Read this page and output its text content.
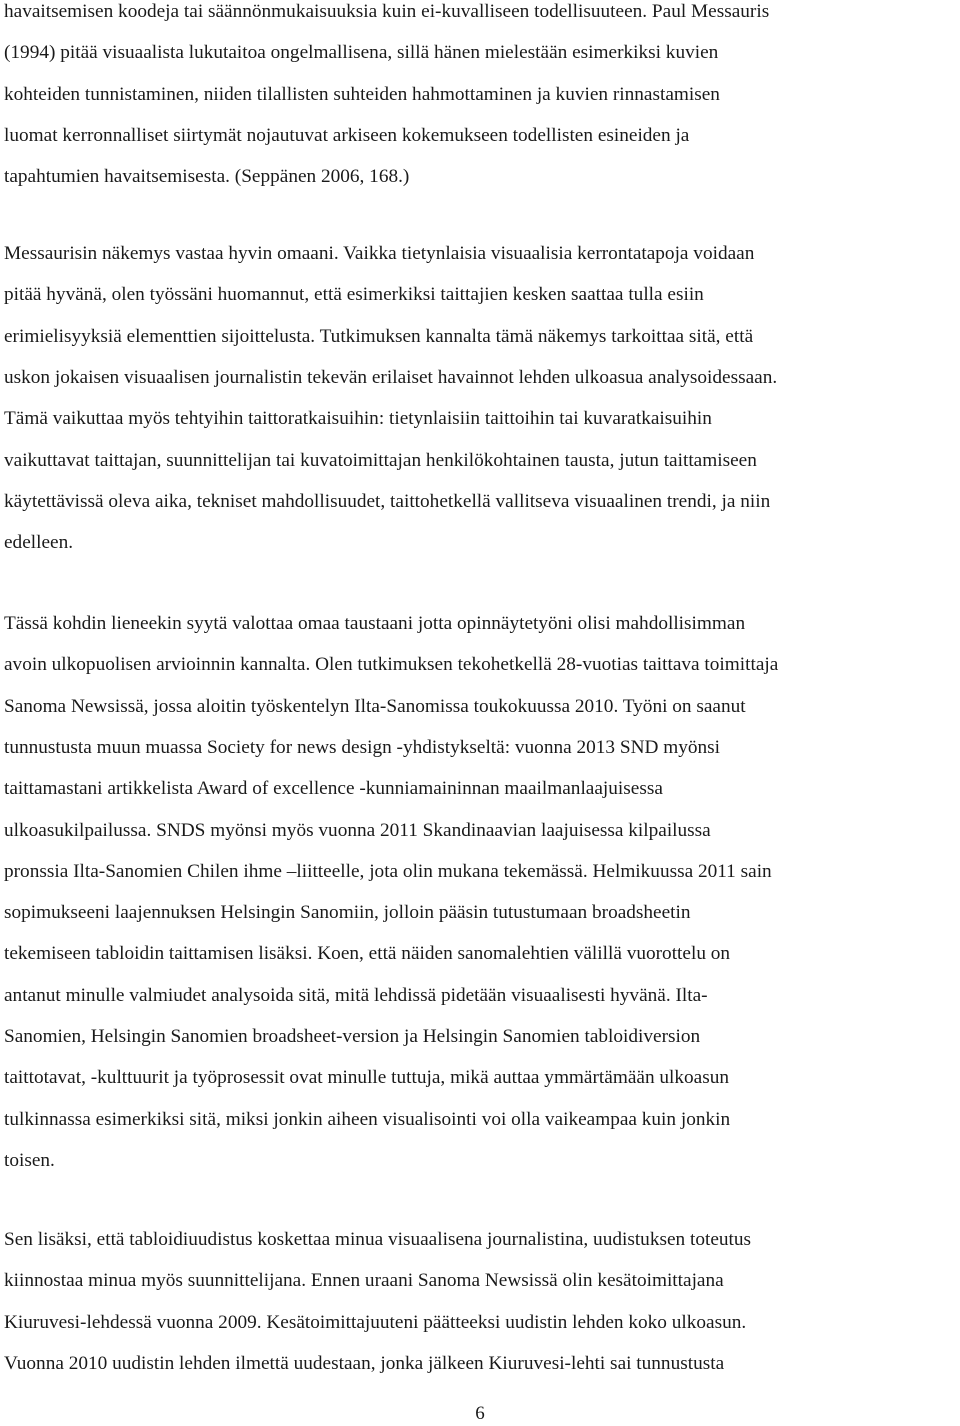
havaitsemisen koodeja tai säännönmukaisuuksia kuin ei-kuvalliseen todellisuuteen. Paul Messauris
(1994) pitää visuaalista lukutaitoa ongelmallisena, sillä hänen mielestään esimerkiksi kuvien
kohteiden tunnistaminen, niiden tilallisten suhteiden hahmottaminen ja kuvien rinnastamisen
luomat kerronnalliset siirtymät nojautuvat arkiseen kokemukseen todellisten esineiden ja
tapahtumien havaitsemisesta. (Seppänen 2006, 168.)
Messaurisin näkemys vastaa hyvin omaani. Vaikka tietynlaisia visuaalisia kerrontatapoja voidaan
pitää hyvänä, olen työssäni huomannut, että esimerkiksi taittajien kesken saattaa tulla esiin
erimielisyyksiä elementtien sijoittelusta. Tutkimuksen kannalta tämä näkemys tarkoittaa sitä, että
uskon jokaisen visuaalisen journalistin tekevän erilaiset havainnot lehden ulkoasua analysoidessaan.
Tämä vaikuttaa myös tehtyihin taittoratkaisuihin: tietynlaisiin taittoihin tai kuvaratkaisuihin
vaikuttavat taittajan, suunnittelijan tai kuvatoimittajan henkilökohtainen tausta, jutun taittamiseen
käytettävissä oleva aika, tekniset mahdollisuudet, taittohetkellä vallitseva visuaalinen trendi, ja niin
edelleen.
Tässä kohdin lieneekin syytä valottaa omaa taustaani jotta opinnäytetyöni olisi mahdollisimman
avoin ulkopuolisen arvioinnin kannalta. Olen tutkimuksen tekohetkellä 28-vuotias taittava toimittaja
Sanoma Newsissä, jossa aloitin työskentelyn Ilta-Sanomissa toukokuussa 2010. Työni on saanut
tunnustusta muun muassa Society for news design -yhdistykseltä: vuonna 2013 SND myönsi
taittamastani artikkelista Award of excellence -kunniamaininnan maailmanlaajuisessa
ulkoasukilpailussa. SNDS myönsi myös vuonna 2011 Skandinaavian laajuisessa kilpailussa
pronssia Ilta-Sanomien Chilen ihme –liitteelle, jota olin mukana tekemässä. Helmikuussa 2011 sain
sopimukseeni laajennuksen Helsingin Sanomiin, jolloin pääsin tutustumaan broadsheetin
tekemiseen tabloidin taittamisen lisäksi. Koen, että näiden sanomalehtien välillä vuorottelu on
antanut minulle valmiudet analysoida sitä, mitä lehdissä pidetään visuaalisesti hyvänä. Ilta-
Sanomien, Helsingin Sanomien broadsheet-version ja Helsingin Sanomien tabloidiversion
taittotavat, -kulttuurit ja työprosessit ovat minulle tuttuja, mikä auttaa ymmärtämään ulkoasun
tulkinnassa esimerkiksi sitä, miksi jonkin aiheen visualisointi voi olla vaikeampaa kuin jonkin
toisen.
Sen lisäksi, että tabloidiuudistus koskettaa minua visuaalisena journalistina, uudistuksen toteutus
kiinnostaa minua myös suunnittelijana. Ennen uraani Sanoma Newsissä olin kesätoimittajana
Kiuruvesi-lehdessä vuonna 2009. Kesätoimittajuuteni päätteeksi uudistin lehden koko ulkoasun.
Vuonna 2010 uudistin lehden ilmettä uudestaan, jonka jälkeen Kiuruvesi-lehti sai tunnustusta
6
